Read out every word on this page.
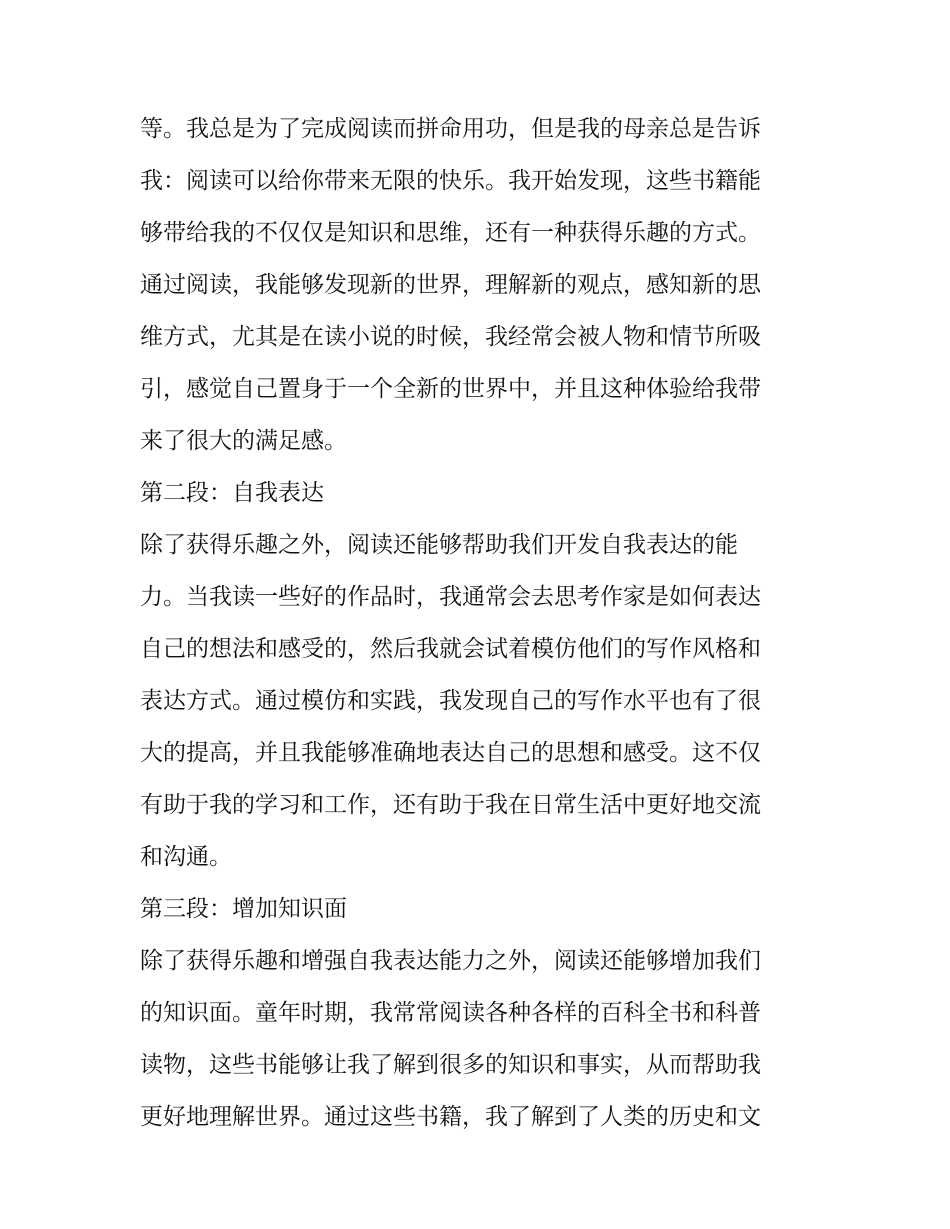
等。我总是为了完成阅读而拼命用功，但是我的母亲总是告诉
我：阅读可以给你带来无限的快乐。我开始发现，这些书籍能
够带给我的不仅仅是知识和思维，还有一种获得乐趣的方式。
通过阅读，我能够发现新的世界，理解新的观点，感知新的思
维方式，尤其是在读小说的时候，我经常会被人物和情节所吸
引，感觉自己置身于一个全新的世界中，并且这种体验给我带
来了很大的满足感。
第二段：自我表达
除了获得乐趣之外，阅读还能够帮助我们开发自我表达的能
力。当我读一些好的作品时，我通常会去思考作家是如何表达
自己的想法和感受的，然后我就会试着模仿他们的写作风格和
表达方式。通过模仿和实践，我发现自己的写作水平也有了很
大的提高，并且我能够准确地表达自己的思想和感受。这不仅
有助于我的学习和工作，还有助于我在日常生活中更好地交流
和沟通。
第三段：增加知识面
除了获得乐趣和增强自我表达能力之外，阅读还能够增加我们
的知识面。童年时期，我常常阅读各种各样的百科全书和科普
读物，这些书能够让我了解到很多的知识和事实，从而帮助我
更好地理解世界。通过这些书籍，我了解到了人类的历史和文
